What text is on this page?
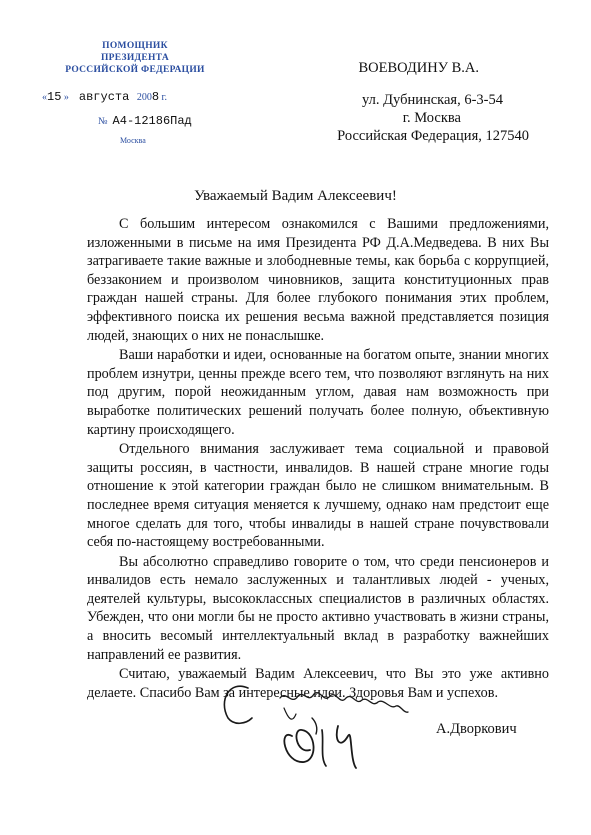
ПОМОЩНИК
ПРЕЗИДЕНТА
РОССИЙСКОЙ ФЕДЕРАЦИИ
«15 » августа 2008 г.
№ А4-12186Пад
Москва
ВОЕВОДИНУ В.А.
ул. Дубнинская, 6-3-54
г. Москва
Российская Федерация, 127540
Уважаемый Вадим Алексеевич!

С большим интересом ознакомился с Вашими предложениями, изложенными в письме на имя Президента РФ Д.А.Медведева. В них Вы затрагиваете такие важные и злободневные темы, как борьба с коррупцией, беззаконием и произволом чиновников, защита конституционных прав граждан нашей страны. Для более глубокого понимания этих проблем, эффективного поиска их решения весьма важной представляется позиция людей, знающих о них не понаслышке.

Ваши наработки и идеи, основанные на богатом опыте, знании многих проблем изнутри, ценны прежде всего тем, что позволяют взглянуть на них под другим, порой неожиданным углом, давая нам возможность при выработке политических решений получать более полную, объективную картину происходящего.

Отдельного внимания заслуживает тема социальной и правовой защиты россиян, в частности, инвалидов. В нашей стране многие годы отношение к этой категории граждан было не слишком внимательным. В последнее время ситуация меняется к лучшему, однако нам предстоит еще многое сделать для того, чтобы инвалиды в нашей стране почувствовали себя по-настоящему востребованными.

Вы абсолютно справедливо говорите о том, что среди пенсионеров и инвалидов есть немало заслуженных и талантливых людей - ученых, деятелей культуры, высококлассных специалистов в различных областях. Убежден, что они могли бы не просто активно участвовать в жизни страны, а вносить весомый интеллектуальный вклад в разработку важнейших направлений ее развития.

Считаю, уважаемый Вадим Алексеевич, что Вы это уже активно делаете. Спасибо Вам за интересные идеи. Здоровья Вам и успехов.

А.Дворкович
